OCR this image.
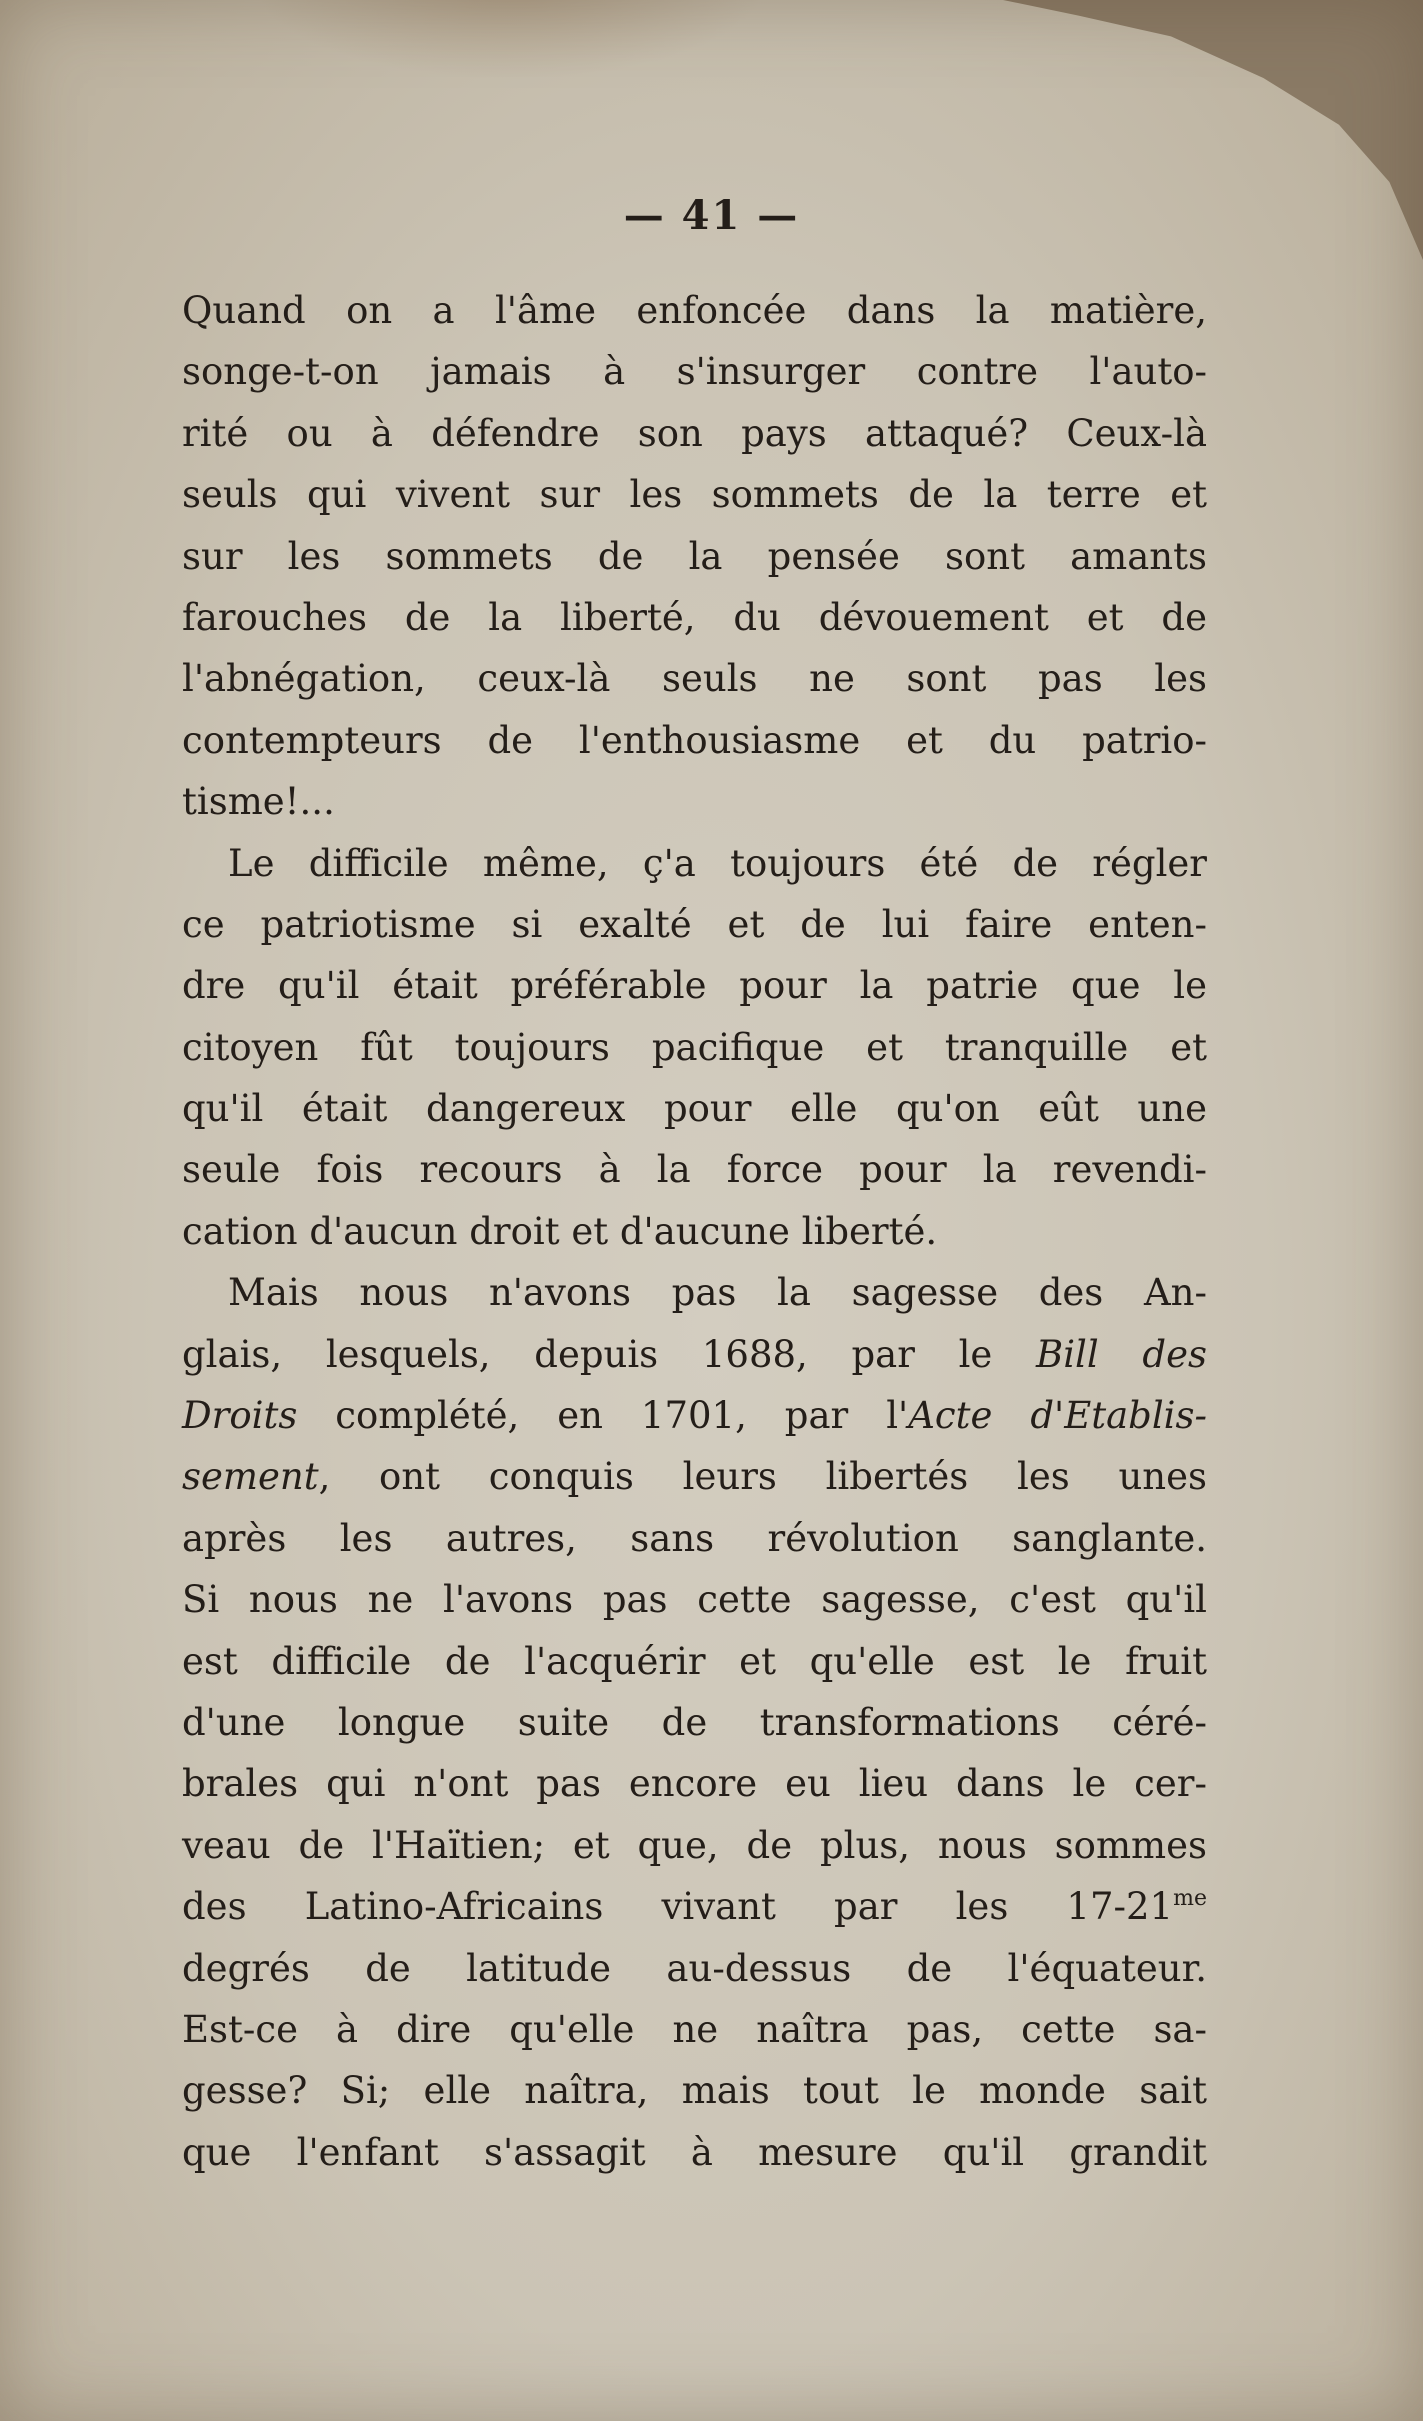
— 41 —
Quand on a l'âme enfoncée dans la matière,
songe-t-on jamais à s'insurger contre l'auto-
rité ou à défendre son pays attaqué? Ceux-là
seuls qui vivent sur les sommets de la terre et
sur les sommets de la pensée sont amants
farouches de la liberté, du dévouement et de
l'abnégation, ceux-là seuls ne sont pas les
contempteurs de l'enthousiasme et du patrio-
tisme!...
Le difficile même, ç'a toujours été de régler
ce patriotisme si exalté et de lui faire enten-
dre qu'il était préférable pour la patrie que le
citoyen fût toujours pacifique et tranquille et
qu'il était dangereux pour elle qu'on eût une
seule fois recours à la force pour la revendi-
cation d'aucun droit et d'aucune liberté.
Mais nous n'avons pas la sagesse des An-
glais, lesquels, depuis 1688, par le Bill des
Droits complété, en 1701, par l'Acte d'Etablis-
sement, ont conquis leurs libertés les unes
après les autres, sans révolution sanglante.
Si nous ne l'avons pas cette sagesse, c'est qu'il
est difficile de l'acquérir et qu'elle est le fruit
d'une longue suite de transformations céré-
brales qui n'ont pas encore eu lieu dans le cer-
veau de l'Haïtien; et que, de plus, nous sommes
des Latino-Africains vivant par les $17-21^{me}$
degrés de latitude au-dessus de l'équateur.
Est-ce à dire qu'elle ne naîtra pas, cette sa-
gesse? Si; elle naîtra, mais tout le monde sait
que l'enfant s'assagit à mesure qu'il grandit
